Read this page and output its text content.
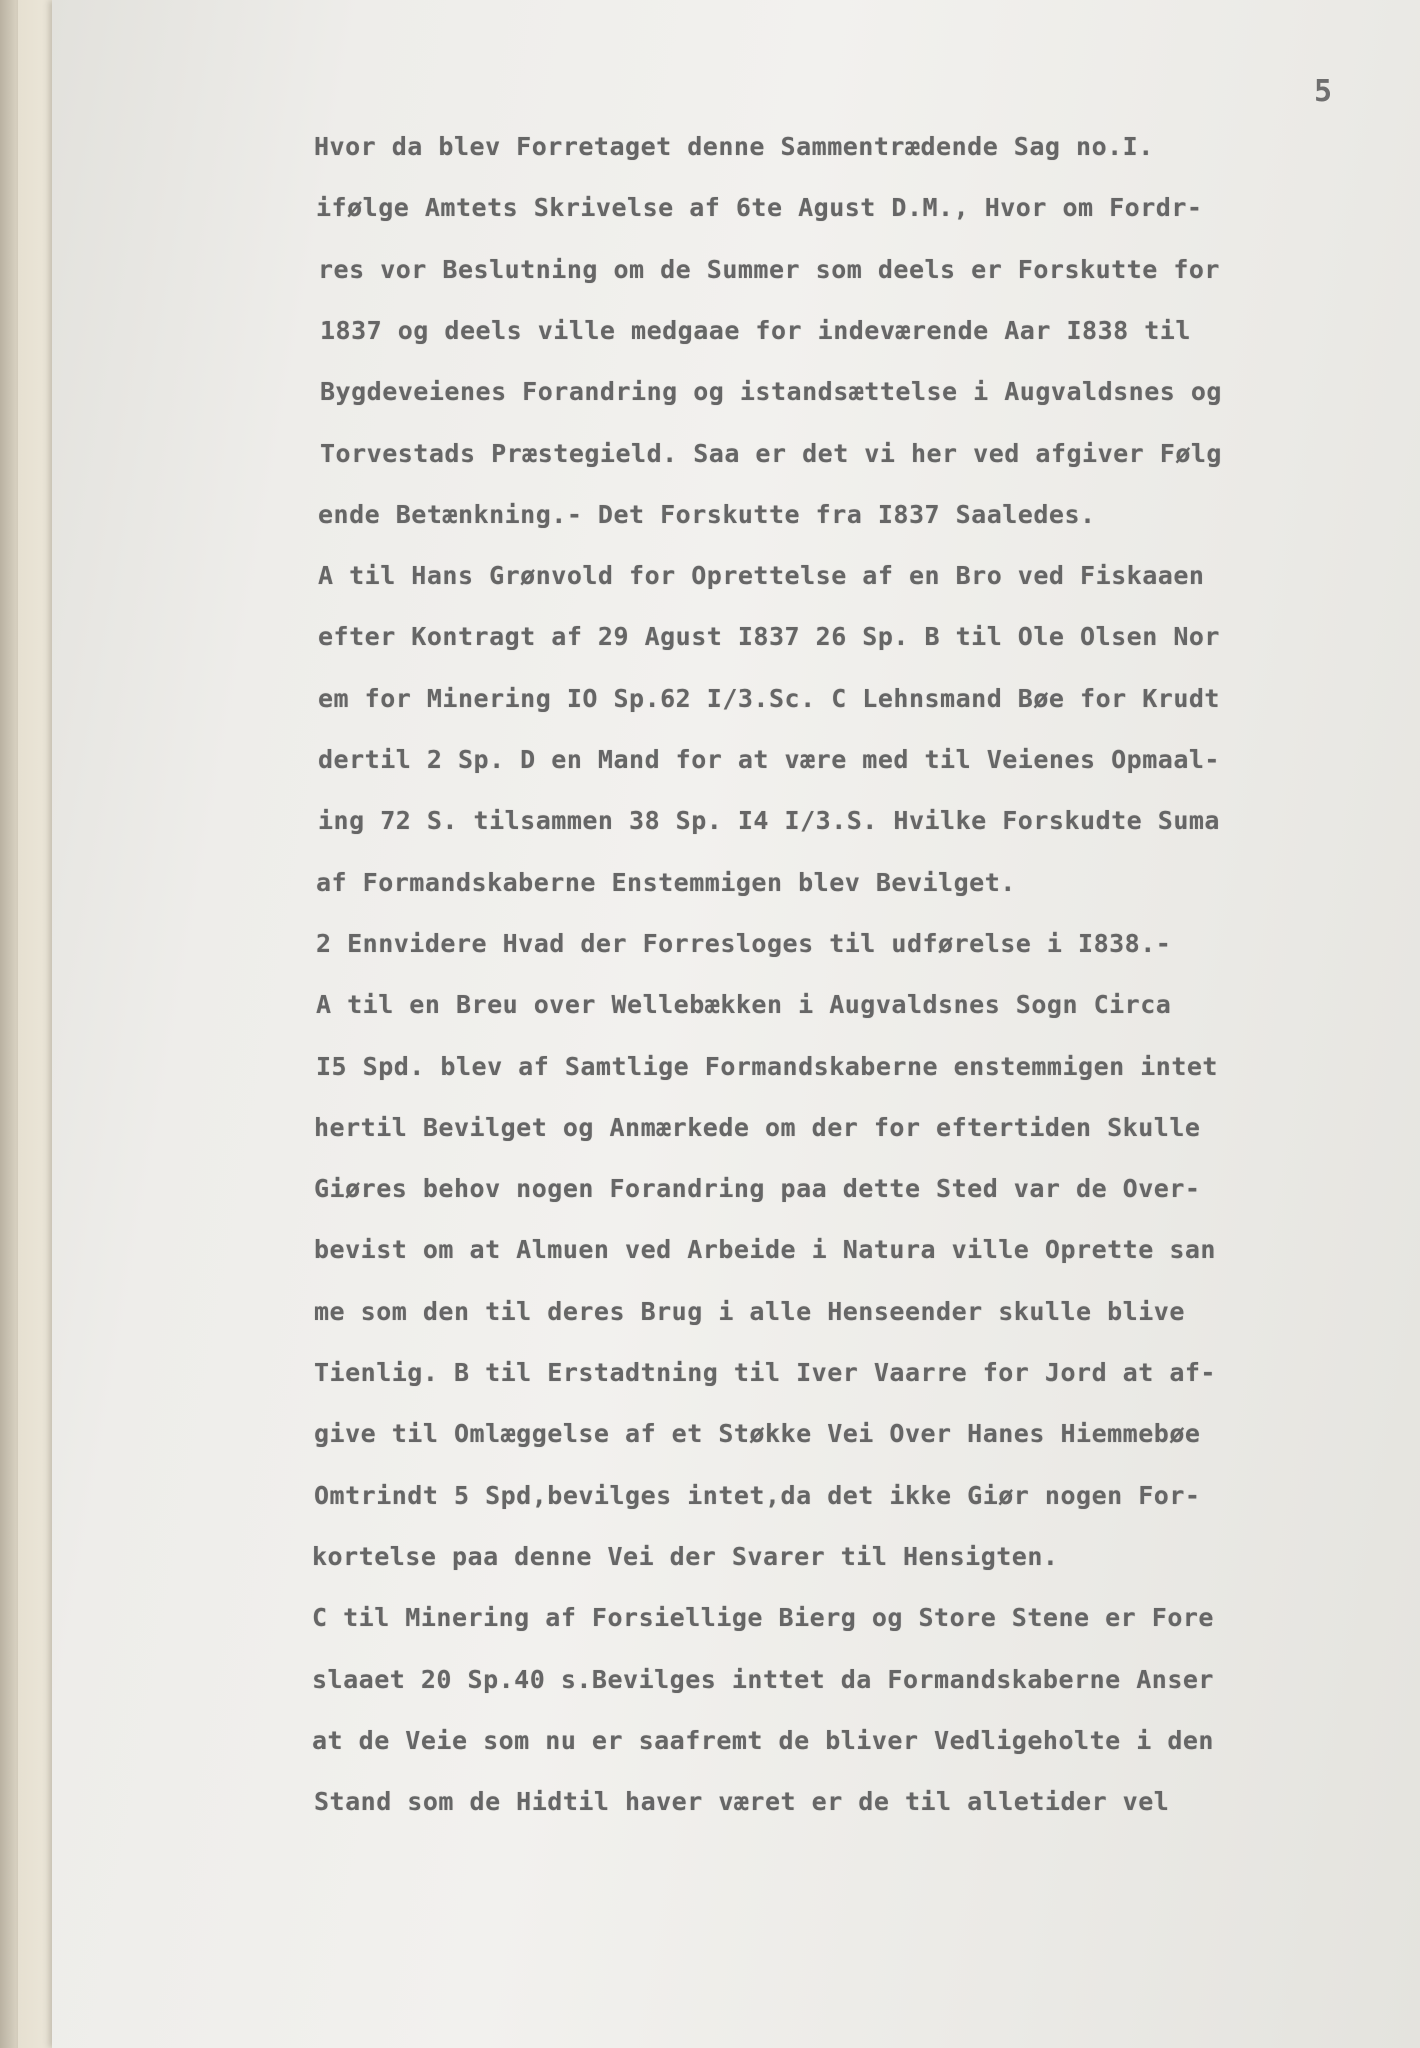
5
Hvor da blev Forretaget denne Sammentrædende Sag no.I.
ifølge Amtets Skrivelse af 6te Agust D.M., Hvor om Fordr-
res vor Beslutning om de Summer som deels er Forskutte for
1837 og deels ville medgaae for indeværende Aar I838 til
Bygdeveienes Forandring og istandsættelse i Augvaldsnes og
Torvestads Præstegield. Saa er det vi her ved afgiver Følg
ende Betænkning.- Det Forskutte fra I837 Saaledes.
A til Hans Grønvold for Oprettelse af en Bro ved Fiskaaen
efter Kontragt af 29 Agust I837 26 Sp. B til Ole Olsen Nor
em for Minering IO Sp.62 I/3.Sc. C Lehnsmand Bøe for Krudt
dertil 2 Sp. D en Mand for at være med til Veienes Opmaal-
ing 72 S. tilsammen 38 Sp. I4 I/3.S. Hvilke Forskudte Suma
af Formandskaberne Enstemmigen blev Bevilget.
2 Ennvidere Hvad der Forresloges til udførelse i I838.-
A til en Breu over Wellebækken i Augvaldsnes Sogn Circa
I5 Spd. blev af Samtlige Formandskaberne enstemmigen intet
hertil Bevilget og Anmærkede om der for eftertiden Skulle
Giøres behov nogen Forandring paa dette Sted var de Over-
bevist om at Almuen ved Arbeide i Natura ville Oprette san
me som den til deres Brug i alle Henseender skulle blive
Tienlig. B til Erstadtning til Iver Vaarre for Jord at af-
give til Omlæggelse af et Støkke Vei Over Hanes Hiemmebøe
Omtrindt 5 Spd,bevilges intet,da det ikke Giør nogen For-
kortelse paa denne Vei der Svarer til Hensigten.
C til Minering af Forsiellige Bierg og Store Stene er Fore
slaaet 20 Sp.40 s.Bevilges inttet da Formandskaberne Anser
at de Veie som nu er saafremt de bliver Vedligeholte i den
Stand som de Hidtil haver været er de til alletider vel
